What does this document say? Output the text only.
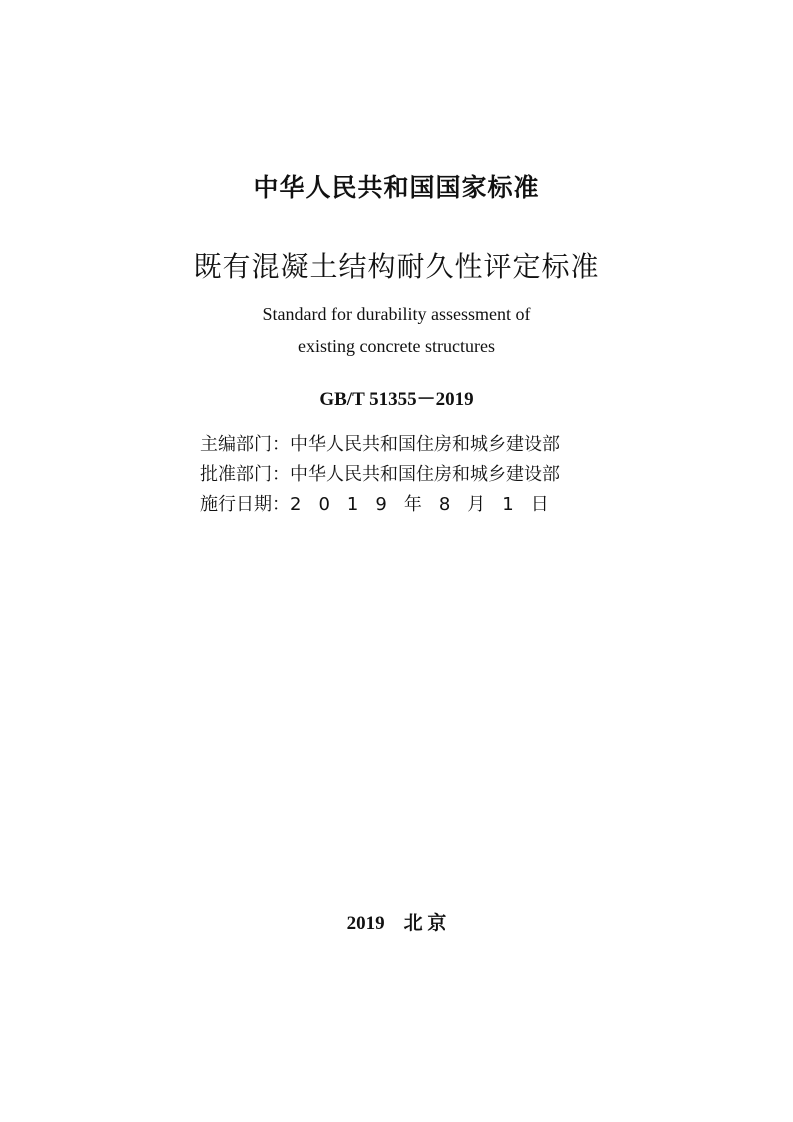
中华人民共和国国家标准
既有混凝土结构耐久性评定标准
Standard for durability assessment of
existing concrete structures
GB/T 51355－2019
主编部门：中华人民共和国住房和城乡建设部
批准部门：中华人民共和国住房和城乡建设部
施行日期：2 0 1 9 年 8 月 1 日
2019 北 京
